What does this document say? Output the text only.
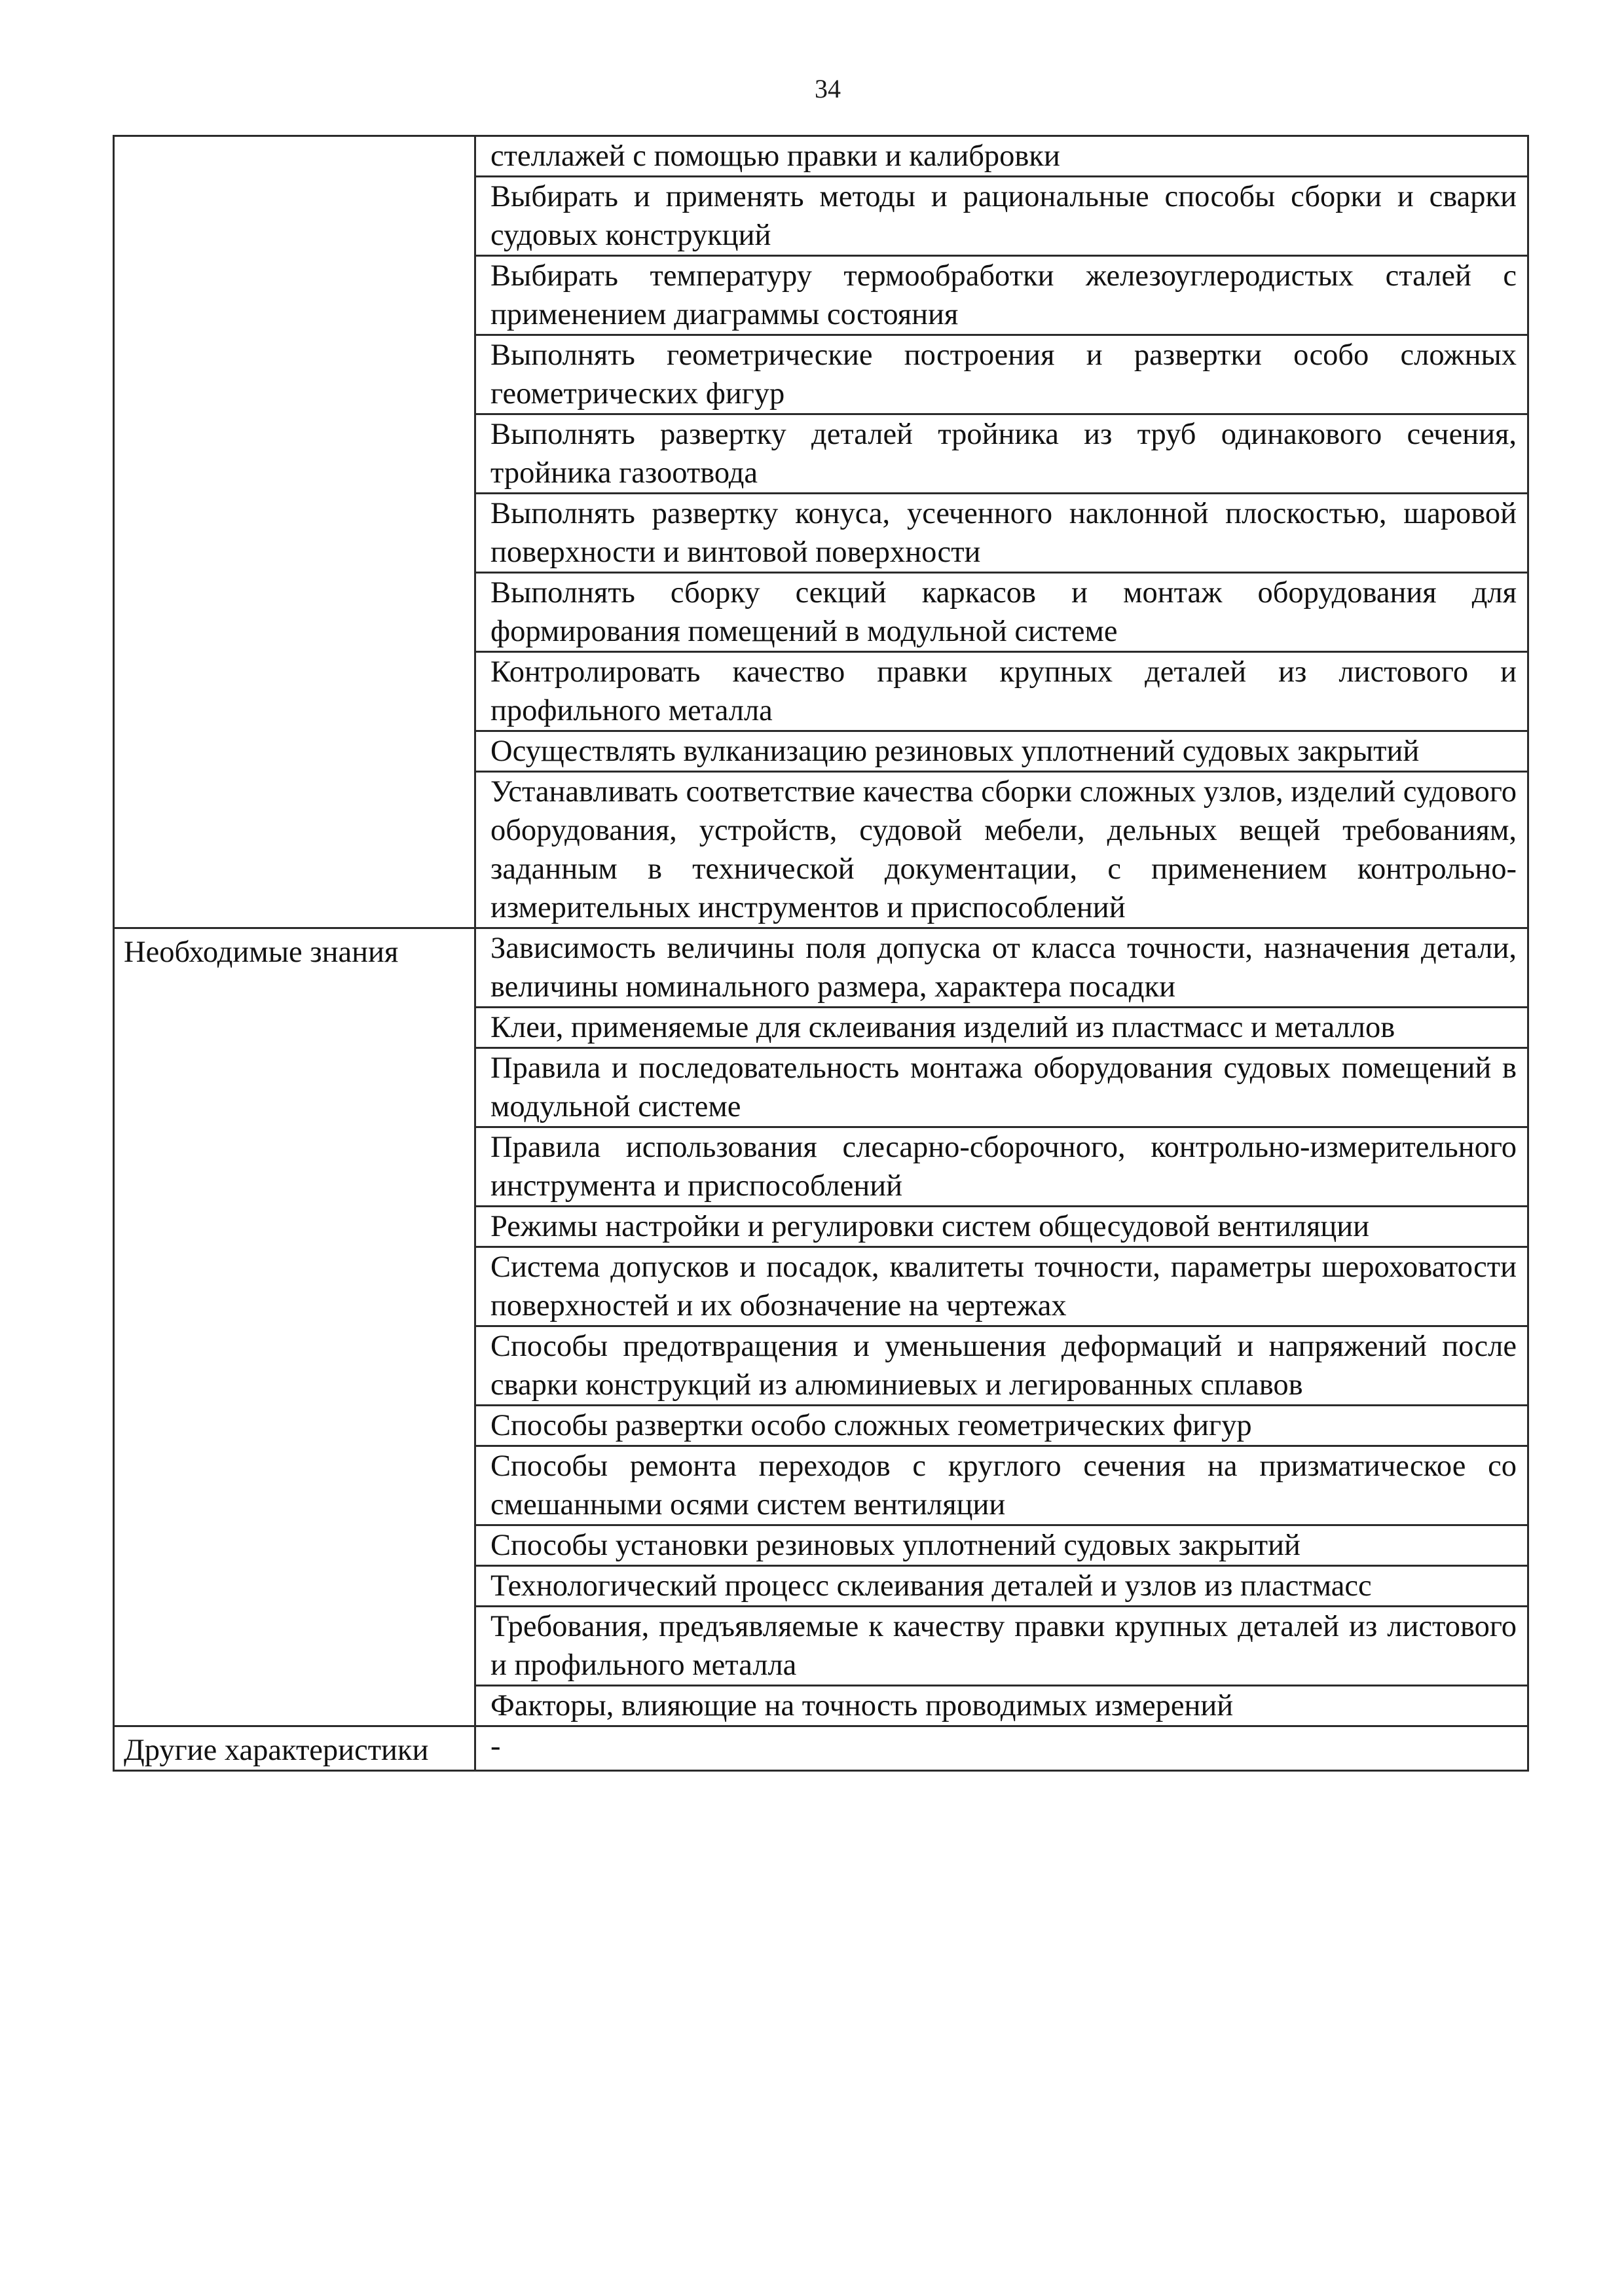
34
	стеллажей с помощью правки и калибровки
	Выбирать и применять методы и рациональные способы сборки и сварки судовых конструкций
	Выбирать температуру термообработки железоуглеродистых сталей с применением диаграммы состояния
	Выполнять геометрические построения и развертки особо сложных геометрических фигур
	Выполнять развертку деталей тройника из труб одинакового сечения, тройника газоотвода
	Выполнять развертку конуса, усеченного наклонной плоскостью, шаровой поверхности и винтовой поверхности
	Выполнять сборку секций каркасов и монтаж оборудования для формирования помещений в модульной системе
	Контролировать качество правки крупных деталей из листового и профильного металла
	Осуществлять вулканизацию резиновых уплотнений судовых закрытий
	Устанавливать соответствие качества сборки сложных узлов, изделий судового оборудования, устройств, судовой мебели, дельных вещей требованиям, заданным в технической документации, с применением контрольно-измерительных инструментов и приспособлений
Необходимые знания	Зависимость величины поля допуска от класса точности, назначения детали, величины номинального размера, характера посадки
	Клеи, применяемые для склеивания изделий из пластмасс и металлов
	Правила и последовательность монтажа оборудования судовых помещений в модульной системе
	Правила использования слесарно-сборочного, контрольно-измерительного инструмента и приспособлений
	Режимы настройки и регулировки систем общесудовой вентиляции
	Система допусков и посадок, квалитеты точности, параметры шероховатости поверхностей и их обозначение на чертежах
	Способы предотвращения и уменьшения деформаций и напряжений после сварки конструкций из алюминиевых и легированных сплавов
	Способы развертки особо сложных геометрических фигур
	Способы ремонта переходов с круглого сечения на призматическое со смешанными осями систем вентиляции
	Способы установки резиновых уплотнений судовых закрытий
	Технологический процесс склеивания деталей и узлов из пластмасс
	Требования, предъявляемые к качеству правки крупных деталей из листового и профильного металла
	Факторы, влияющие на точность проводимых измерений
Другие характеристики	-
